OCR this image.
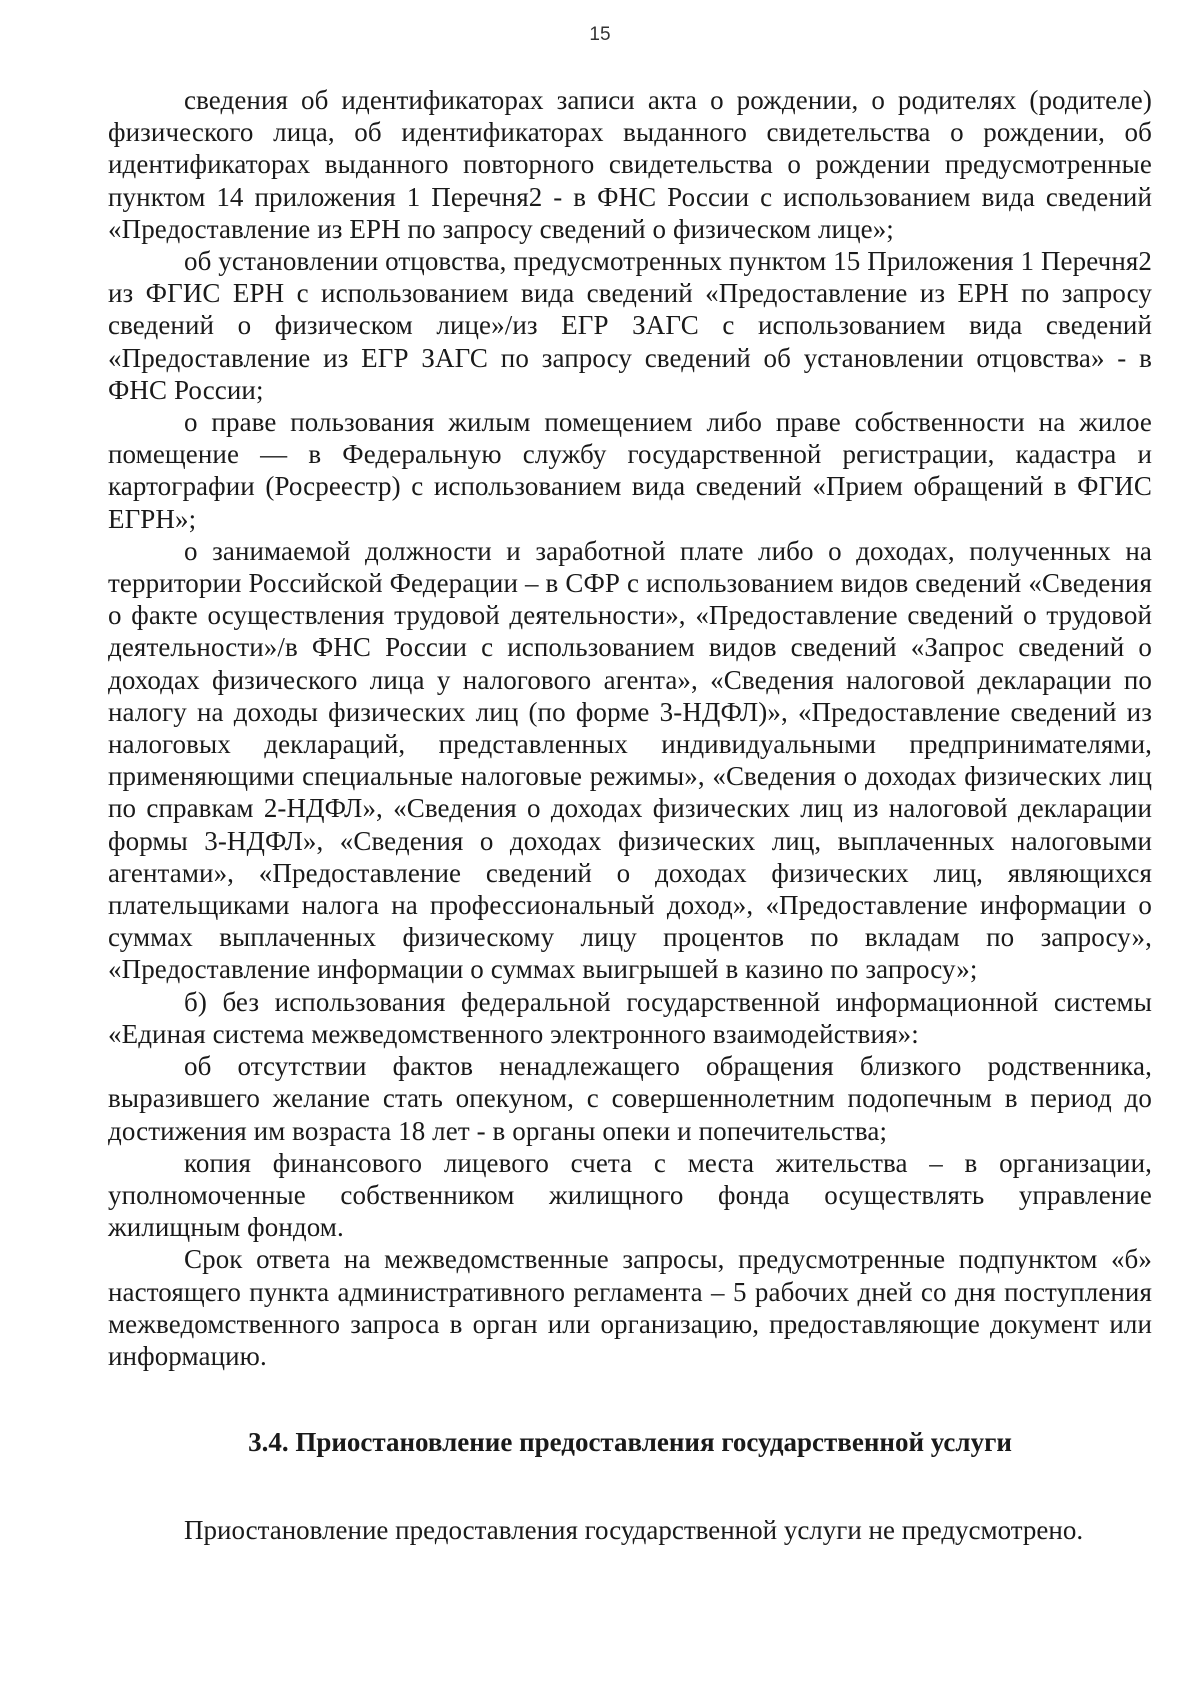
15

сведения об идентификаторах записи акта о рождении, о родителях (родителе) физического лица, об идентификаторах выданного свидетельства о рождении, об идентификаторах выданного повторного свидетельства о рождении предусмотренные пунктом 14 приложения 1 Перечня2 - в ФНС России с использованием вида сведений «Предоставление из ЕРН по запросу сведений о физическом лице»;

об установлении отцовства, предусмотренных пунктом 15 Приложения 1 Перечня2 из ФГИС ЕРН с использованием вида сведений «Предоставление из ЕРН по запросу сведений о физическом лице»/из ЕГР ЗАГС с использованием вида сведений «Предоставление из ЕГР ЗАГС по запросу сведений об установлении отцовства» - в ФНС России;

о праве пользования жилым помещением либо праве собственности на жилое помещение — в Федеральную службу государственной регистрации, кадастра и картографии (Росреестр) с использованием вида сведений «Прием обращений в ФГИС ЕГРН»;

о занимаемой должности и заработной плате либо о доходах, полученных на территории Российской Федерации – в СФР с использованием видов сведений «Сведения о факте осуществления трудовой деятельности», «Предоставление сведений о трудовой деятельности»/в ФНС России с использованием видов сведений «Запрос сведений о доходах физического лица у налогового агента», «Сведения налоговой декларации по налогу на доходы физических лиц (по форме 3-НДФЛ)», «Предоставление сведений из налоговых деклараций, представленных индивидуальными предпринимателями, применяющими специальные налоговые режимы», «Сведения о доходах физических лиц по справкам 2-НДФЛ», «Сведения о доходах физических лиц из налоговой декларации формы 3-НДФЛ», «Сведения о доходах физических лиц, выплаченных налоговыми агентами», «Предоставление сведений о доходах физических лиц, являющихся плательщиками налога на профессиональный доход», «Предоставление информации о суммах выплаченных физическому лицу процентов по вкладам по запросу», «Предоставление информации о суммах выигрышей в казино по запросу»;

б) без использования федеральной государственной информационной системы «Единая система межведомственного электронного взаимодействия»:

об отсутствии фактов ненадлежащего обращения близкого родственника, выразившего желание стать опекуном, с совершеннолетним подопечным в период до достижения им возраста 18 лет - в органы опеки и попечительства;

копия финансового лицевого счета с места жительства – в организации, уполномоченные собственником жилищного фонда осуществлять управление жилищным фондом.

Срок ответа на межведомственные запросы, предусмотренные подпунктом «б» настоящего пункта административного регламента – 5 рабочих дней со дня поступления межведомственного запроса в орган или организацию, предоставляющие документ или информацию.

3.4. Приостановление предоставления государственной услуги

Приостановление предоставления государственной услуги не предусмотрено.
